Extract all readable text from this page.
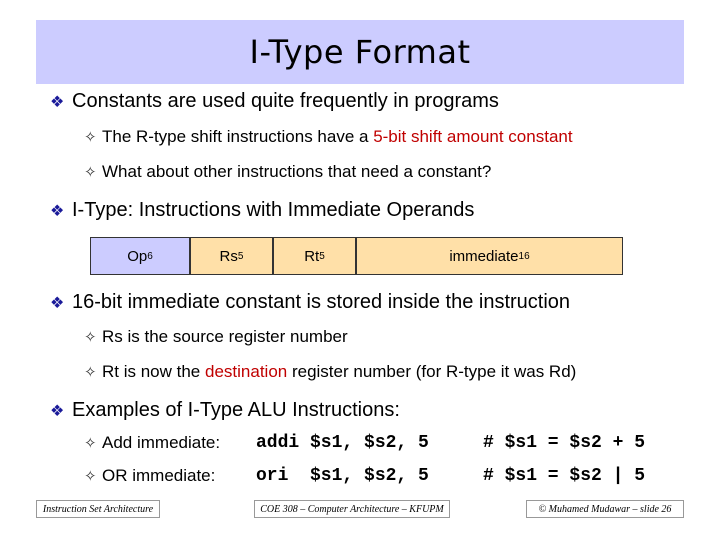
I-Type Format
❖ Constants are used quite frequently in programs
✧ The R-type shift instructions have a 5-bit shift amount constant
✧ What about other instructions that need a constant?
❖ I-Type: Instructions with Immediate Operands
Op 6	Rs 5	Rt 5	immediate 16
❖ 16-bit immediate constant is stored inside the instruction
✧ Rs is the source register number
✧ Rt is now the destination register number (for R-type it was Rd)
❖ Examples of I-Type ALU Instructions:
✧ Add immediate: addi $s1, $s2, 5	# $s1 = $s2 + 5
✧ OR immediate: ori  $s1, $s2, 5	# $s1 = $s2 | 5
Instruction Set Architecture	COE 308 – Computer Architecture – KFUPM	© Muhamed Mudawar – slide 26
